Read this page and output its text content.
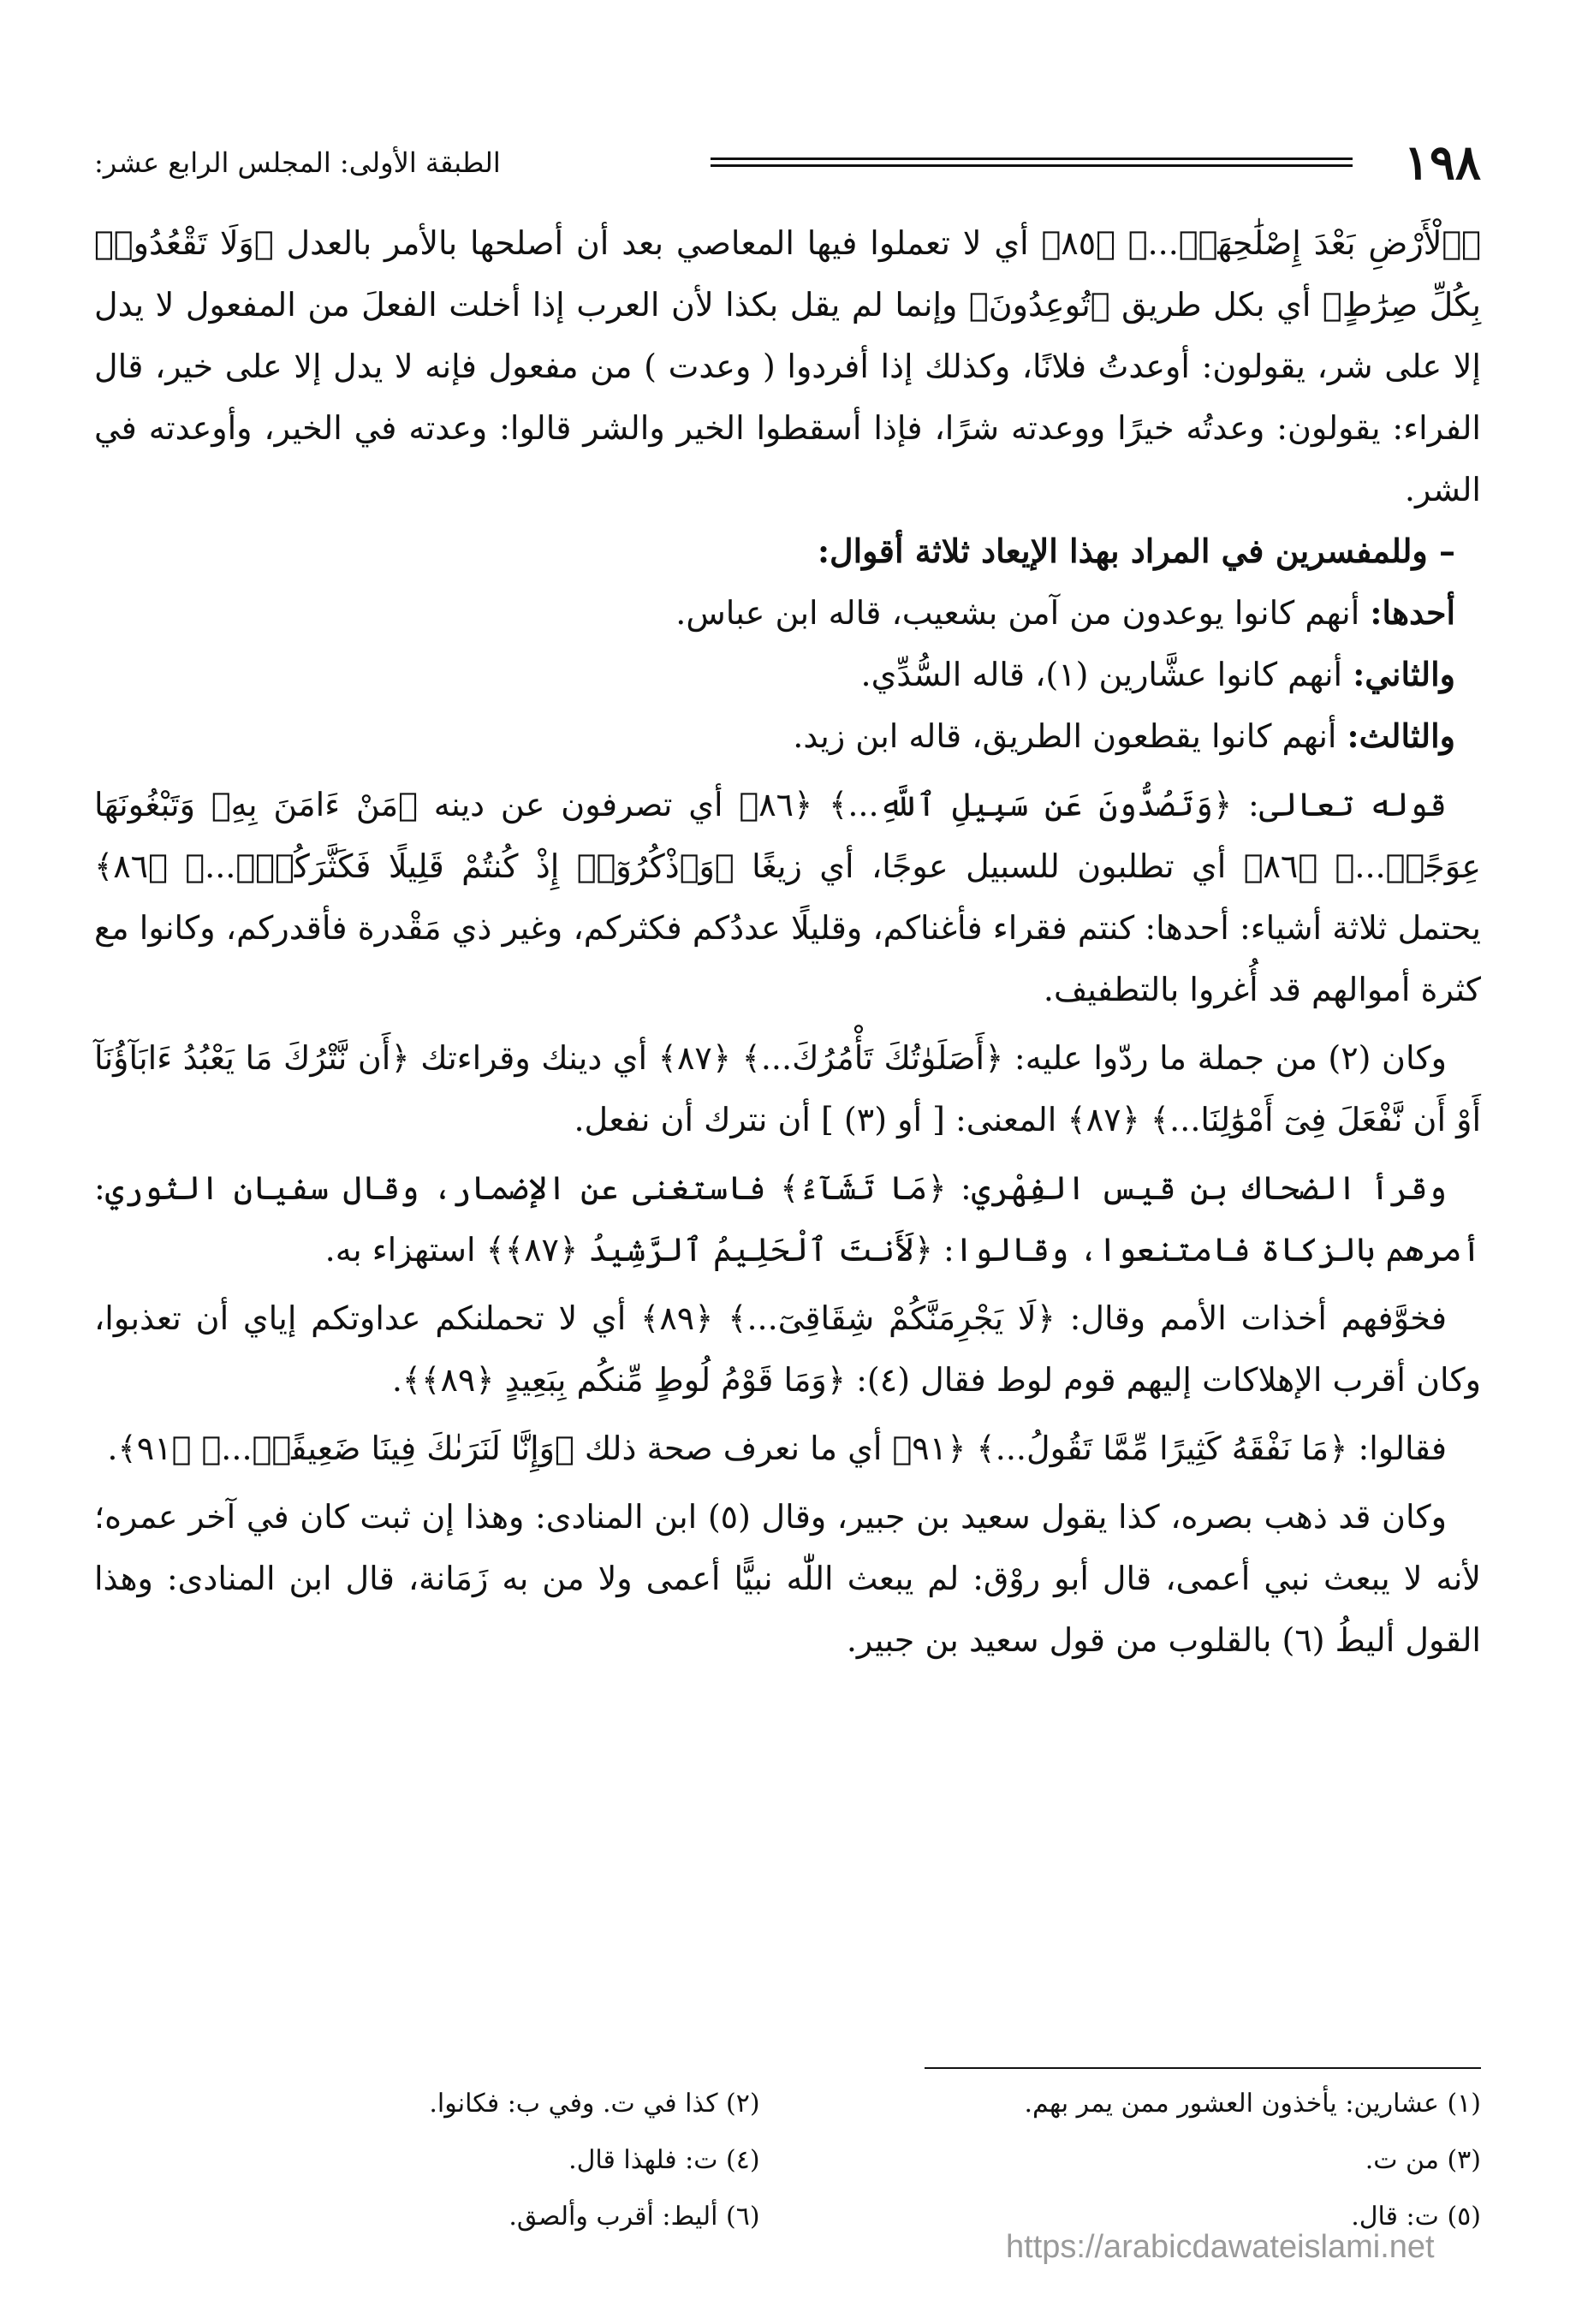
١٩٨
الطبقة الأولى: المجلس الرابع عشر:

﴿ٱلْأَرْضِ بَعْدَ إِصْلَٰحِهَاۚ...﴾ ﴿٨٥﴾ أي لا تعملوا فيها المعاصي بعد أن أصلحها بالأمر بالعدل ﴿وَلَا تَقْعُدُوا۟ بِكُلِّ صِرَٰطٍ﴾ أي بكل طريق ﴿تُوعِدُونَ﴾ وإنما لم يقل بكذا لأن العرب إذا أخلت الفعلَ من المفعول لا يدل إلا على شر، يقولون: أوعدتُ فلانًا، وكذلك إذا أفردوا ( وعدت ) من مفعول فإنه لا يدل إلا على خير، قال الفراء: يقولون: وعدتُه خيرًا ووعدته شرًا، فإذا أسقطوا الخير والشر قالوا: وعدته في الخير، وأوعدته في الشر.

– وللمفسرين في المراد بهذا الإيعاد ثلاثة أقوال:

أحدها: أنهم كانوا يوعدون من آمن بشعيب، قاله ابن عباس.

والثاني: أنهم كانوا عشَّارين (١)، قاله السُّدِّي.

والثالث: أنهم كانوا يقطعون الطريق، قاله ابن زيد.

قوله تعالى: ﴿وَتَصُدُّونَ عَن سَبِيلِ ٱللَّهِ...﴾ ﴿٨٦﴾ أي تصرفون عن دينه ﴿مَنْ ءَامَنَ بِهِۦ وَتَبْغُونَهَا عِوَجًاۚ...﴾ ﴿٨٦﴾ أي تطلبون للسبيل عوجًا، أي زيغًا ﴿وَٱذْكُرُوٓا۟ إِذْ كُنتُمْ قَلِيلًا فَكَثَّرَكُمْۖ...﴾ ﴿٨٦﴾ يحتمل ثلاثة أشياء: أحدها: كنتم فقراء فأغناكم، وقليلًا عددُكم فكثركم، وغير ذي مَقْدرة فأقدركم، وكانوا مع كثرة أموالهم قد أُغروا بالتطفيف.

وكان (٢) من جملة ما ردّوا عليه: ﴿أَصَلَوٰتُكَ تَأْمُرُكَ...﴾ ﴿٨٧﴾ أي دينك وقراءتك ﴿أَن نَّتْرُكَ مَا يَعْبُدُ ءَابَآؤُنَآ أَوْ أَن نَّفْعَلَ فِىٓ أَمْوَٰلِنَا...﴾ ﴿٨٧﴾ المعنى: [ أو (٣) ] أن نترك أن نفعل.

وقرأ الضحاك بن قيس الفِهْري: ﴿مَا تَشَآءُ﴾ فاستغنى عن الإضمار، وقال سفيان الثوري: أمرهم بالزكاة فامتنعوا، وقالوا: ﴿لَأَنتَ ٱلْحَلِيمُ ٱلرَّشِيدُ ﴿٨٧﴾﴾ استهزاء به.

فخوَّفهم أخذات الأمم وقال: ﴿لَا يَجْرِمَنَّكُمْ شِقَاقِىٓ...﴾ ﴿٨٩﴾ أي لا تحملنكم عداوتكم إياي أن تعذبوا، وكان أقرب الإهلاكات إليهم قوم لوط فقال (٤): ﴿وَمَا قَوْمُ لُوطٍ مِّنكُم بِبَعِيدٍ ﴿٨٩﴾﴾.

فقالوا: ﴿مَا نَفْقَهُ كَثِيرًا مِّمَّا تَقُولُ...﴾ ﴿٩١﴾ أي ما نعرف صحة ذلك ﴿وَإِنَّا لَنَرَىٰكَ فِينَا ضَعِيفًاۖ...﴾ ﴿٩١﴾.

وكان قد ذهب بصره، كذا يقول سعيد بن جبير، وقال (٥) ابن المنادى: وهذا إن ثبت كان في آخر عمره؛ لأنه لا يبعث نبي أعمى، قال أبو روْق: لم يبعث اللّٰه نبيًّا أعمى ولا من به زَمَانة، قال ابن المنادى: وهذا القول أليطُ (٦) بالقلوب من قول سعيد بن جبير.

(١) عشارين: يأخذون العشور ممن يمر بهم.
(٢) كذا في ت. وفي ب: فكانوا.
(٣) من ت.
(٤) ت: فلهذا قال.
(٥) ت: قال.
(٦) أليط: أقرب وألصق.
https://arabicdawateislami.net
